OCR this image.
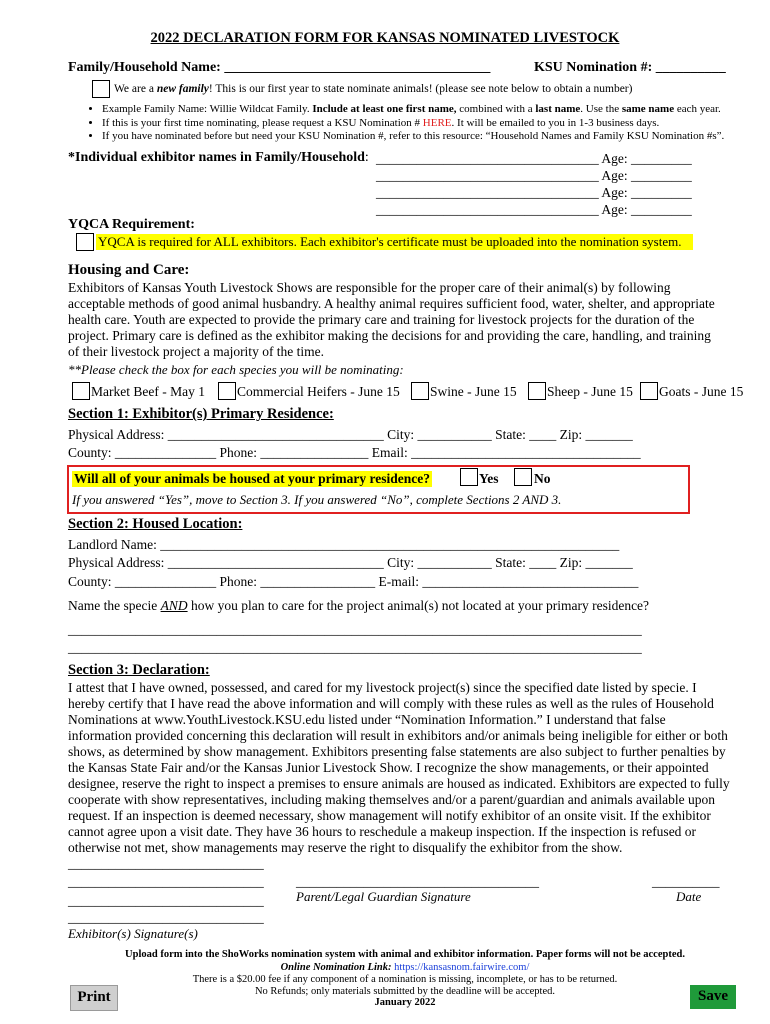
2022 DECLARATION FORM FOR KANSAS NOMINATED LIVESTOCK
Family/Household Name: ______________________________________	KSU Nomination #: __________
We are a new family! This is our first year to state nominate animals! (please see note below to obtain a number)
• Example Family Name: Willie Wildcat Family. Include at least one first name, combined with a last name. Use the same name each year.
• If this is your first time nominating, please request a KSU Nomination # HERE. It will be emailed to you in 1-3 business days.
• If you have nominated before but need your KSU Nomination #, refer to this resource: “Household Names and Family KSU Nomination #s”.
*Individual exhibitor names in Family/Household: _________________________________ Age: _________
_________________________________ Age: _________
_________________________________ Age: _________
_________________________________ Age: _________
YQCA Requirement:
YQCA is required for ALL exhibitors. Each exhibitor's certificate must be uploaded into the nomination system.
Housing and Care:
Exhibitors of Kansas Youth Livestock Shows are responsible for the proper care of their animal(s) by following
acceptable methods of good animal husbandry. A healthy animal requires sufficient food, water, shelter, and appropriate
health care. Youth are expected to provide the primary care and training for livestock projects for the duration of the
project. Primary care is defined as the exhibitor making the decisions for and providing the care, handling, and training
of their livestock project a majority of the time.
**Please check the box for each species you will be nominating:
Market Beef - May 1 Commercial Heifers - June 15 Swine - June 15 Sheep - June 15 Goats - June 15
Section 1: Exhibitor(s) Primary Residence:
Physical Address: ________________________________ City: ___________ State: ____ Zip: _______
County: _______________ Phone: ________________ Email: __________________________________
Will all of your animals be housed at your primary residence?	Yes	No
If you answered “Yes”, move to Section 3. If you answered “No”, complete Sections 2 AND 3.
Section 2: Housed Location:
Landlord Name: ____________________________________________________________________
Physical Address: ________________________________ City: ___________ State: ____ Zip: _______
County: _______________ Phone: _________________ E-mail: ________________________________
Name the specie AND how you plan to care for the project animal(s) not located at your primary residence?
_____________________________________________________________________________________
_____________________________________________________________________________________
Section 3: Declaration:
I attest that I have owned, possessed, and cared for my livestock project(s) since the specified date listed by specie. I
hereby certify that I have read the above information and will comply with these rules as well as the rules of Household
Nominations at www.YouthLivestock.KSU.edu listed under “Nomination Information.” I understand that false
information provided concerning this declaration will result in exhibitors and/or animals being ineligible for either or both
shows, as determined by show management. Exhibitors presenting false statements are also subject to further penalties by
the Kansas State Fair and/or the Kansas Junior Livestock Show. I recognize the show managements, or their appointed
designee, reserve the right to inspect a premises to ensure animals are housed as indicated. Exhibitors are expected to fully
cooperate with show representatives, including making themselves and/or a parent/guardian and animals available upon
request. If an inspection is deemed necessary, show management will notify exhibitor of an onsite visit. If the exhibitor
cannot agree upon a visit date. They have 36 hours to reschedule a makeup inspection. If the inspection is refused or
otherwise not met, show managements may reserve the right to disqualify the exhibitor from the show.
_____________________________
_____________________________ ____________________________________	__________
_____________________________ Parent/Legal Guardian Signature	Date
_____________________________
Exhibitor(s) Signature(s)
Upload form into the ShoWorks nomination system with animal and exhibitor information. Paper forms will not be accepted.
Online Nomination Link: https://kansasnom.fairwire.com/
There is a $20.00 fee if any component of a nomination is missing, incomplete, or has to be returned.
No Refunds; only materials submitted by the deadline will be accepted.
January 2022
Print	Save
